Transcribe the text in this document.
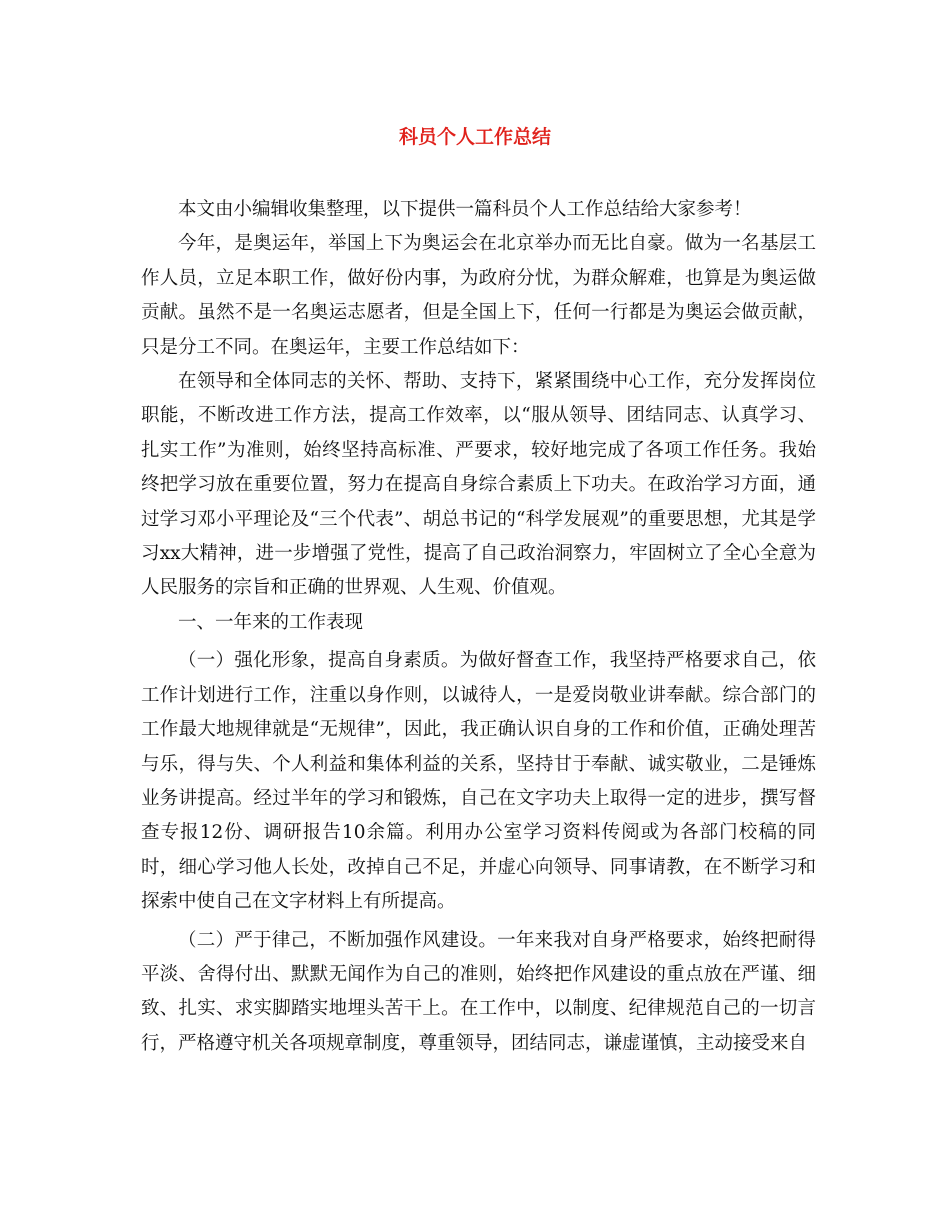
科员个人工作总结

本文由小编辑收集整理，以下提供一篇科员个人工作总结给大家参考！

今年，是奥运年，举国上下为奥运会在北京举办而无比自豪。做为一名基层工作人员，立足本职工作，做好份内事，为政府分忧，为群众解难，也算是为奥运做贡献。虽然不是一名奥运志愿者，但是全国上下，任何一行都是为奥运会做贡献，只是分工不同。在奥运年，主要工作总结如下：

在领导和全体同志的关怀、帮助、支持下，紧紧围绕中心工作，充分发挥岗位职能，不断改进工作方法，提高工作效率，以“服从领导、团结同志、认真学习、扎实工作”为准则，始终坚持高标准、严要求，较好地完成了各项工作任务。我始终把学习放在重要位置，努力在提高自身综合素质上下功夫。在政治学习方面，通过学习邓小平理论及“三个代表”、胡总书记的“科学发展观”的重要思想，尤其是学习xx大精神，进一步增强了党性，提高了自己政治洞察力，牢固树立了全心全意为人民服务的宗旨和正确的世界观、人生观、价值观。

一、一年来的工作表现

（一）强化形象，提高自身素质。为做好督查工作，我坚持严格要求自己，依工作计划进行工作，注重以身作则，以诚待人，一是爱岗敬业讲奉献。综合部门的工作最大地规律就是“无规律”，因此，我正确认识自身的工作和价值，正确处理苦与乐，得与失、个人利益和集体利益的关系，坚持甘于奉献、诚实敬业，二是锤炼业务讲提高。经过半年的学习和锻炼，自己在文字功夫上取得一定的进步，撰写督查专报12份、调研报告10余篇。利用办公室学习资料传阅或为各部门校稿的同时，细心学习他人长处，改掉自己不足，并虚心向领导、同事请教，在不断学习和探索中使自己在文字材料上有所提高。

（二）严于律己，不断加强作风建设。一年来我对自身严格要求，始终把耐得平淡、舍得付出、默默无闻作为自己的准则，始终把作风建设的重点放在严谨、细致、扎实、求实脚踏实地埋头苦干上。在工作中，以制度、纪律规范自己的一切言行，严格遵守机关各项规章制度，尊重领导，团结同志，谦虚谨慎，主动接受来自
